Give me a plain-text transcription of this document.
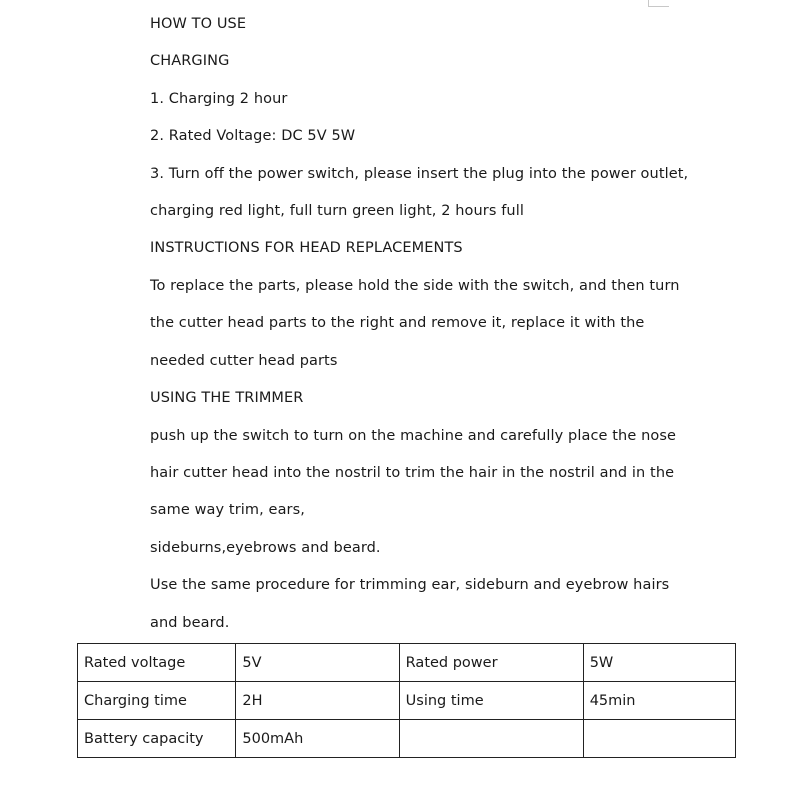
HOW TO USE
CHARGING
1. Charging 2 hour
2. Rated Voltage: DC 5V 5W
3. Turn off the power switch, please insert the plug into the power outlet,
charging red light, full turn green light, 2 hours full
INSTRUCTIONS FOR HEAD REPLACEMENTS
To replace the parts, please hold the side with the switch, and then turn
the cutter head parts to the right and remove it, replace it with the
needed cutter head parts
USING THE TRIMMER
push up the switch to turn on the machine and carefully place the nose
hair cutter head into the nostril to trim the hair in the nostril and in the
same way trim, ears,
sideburns,eyebrows and beard.
Use the same procedure for trimming ear, sideburn and eyebrow hairs
and beard.
Rated voltage	5V	Rated power	5W
Charging time	2H	Using time	45min
Battery capacity	500mAh		
